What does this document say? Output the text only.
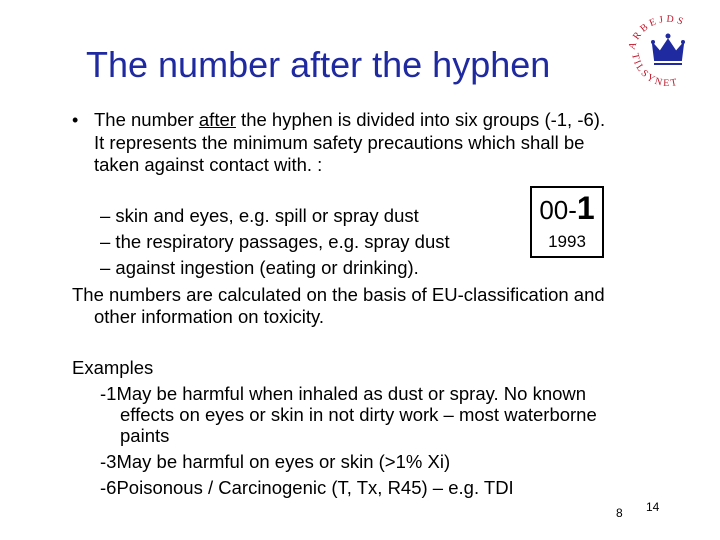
The number after the hyphen	ARBEJDS
TILSYNET
• The number after the hyphen is divided into six groups (-1, -6).
It represents the minimum safety precautions which shall be
taken against contact with. :
– skin and eyes, e.g. spill or spray dust
– the respiratory passages, e.g. spray dust
– against ingestion (eating or drinking).
00-1
1993
The numbers are calculated on the basis of EU-classification and
other information on toxicity.
Examples
-1May be harmful when inhaled as dust or spray. No known
effects on eyes or skin in not dirty work – most waterborne
paints
-3May be harmful on eyes or skin (>1% Xi)
-6Poisonous / Carcinogenic (T, Tx, R45) – e.g. TDI
8 14
